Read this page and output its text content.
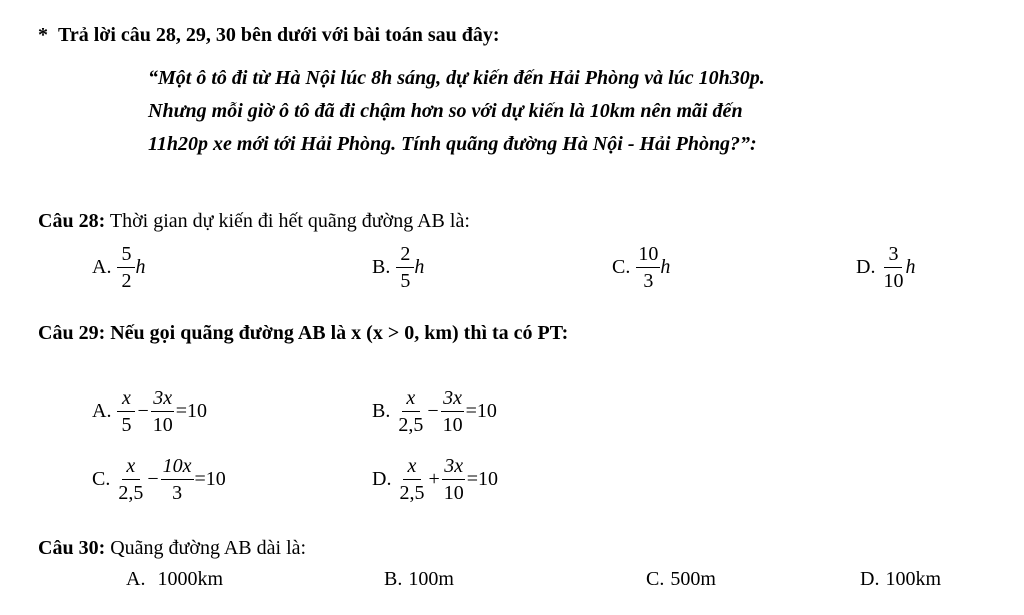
* Trả lời câu 28, 29, 30 bên dưới với bài toán sau đây:
“Một ô tô đi từ Hà Nội lúc 8h sáng, dự kiến đến Hải Phòng và lúc 10h30p.
Nhưng mỗi giờ ô tô đã đi chậm hơn so với dự kiến là 10km nên mãi đến
11h20p xe mới tới Hải Phòng. Tính quãng đường Hà Nội - Hải Phòng?”:
Câu 28: Thời gian dự kiến đi hết quãng đường AB là:
A. $\frac{5}{2}$ h	B. $\frac{2}{5}$ h	C. $\frac{10}{3}$ h	D. $\frac{3}{10}$ h
Câu 29: Nếu gọi quãng đường AB là x (x > 0, km) thì ta có PT:
A. $\frac{x}{5} - \frac{3x}{10} =10$	B. $\frac{x}{2,5} - \frac{3x}{10} =10$
C. $\frac{x}{2,5} - \frac{10x}{3} =10$	D. $\frac{x}{2,5} + \frac{3x}{10} =10$
Câu 30: Quãng đường AB dài là:
A. 1000km	B. 100m	C. 500m	D. 100km
